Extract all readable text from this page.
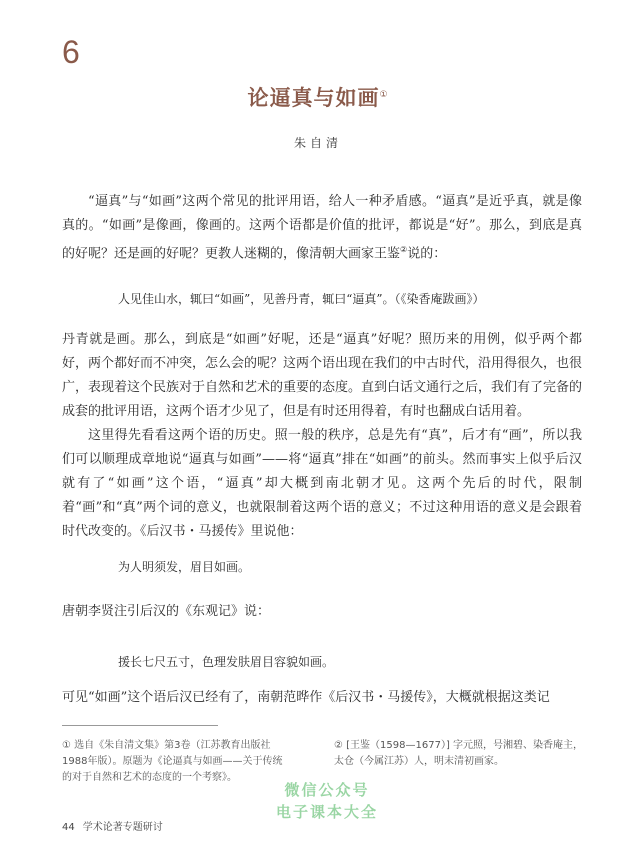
6
论逼真与如画①
朱自清

“逼真”与“如画”这两个常见的批评用语，给人一种矛盾感。“逼真”是近乎真，就是像真的。“如画”是像画，像画的。这两个语都是价值的批评，都说是“好”。那么，到底是真的好呢？还是画的好呢？更教人迷糊的，像清朝大画家王鉴②说的：

人见佳山水，辄曰“如画”，见善丹青，辄曰“逼真”。（《染香庵跋画》）

丹青就是画。那么，到底是“如画”好呢，还是“逼真”好呢？照历来的用例，似乎两个都好，两个都好而不冲突，怎么会的呢？这两个语出现在我们的中古时代，沿用得很久，也很广，表现着这个民族对于自然和艺术的重要的态度。直到白话文通行之后，我们有了完备的成套的批评用语，这两个语才少见了，但是有时还用得着，有时也翻成白话用着。

这里得先看看这两个语的历史。照一般的秩序，总是先有“真”，后才有“画”，所以我们可以顺理成章地说“逼真与如画”——将“逼真”排在“如画”的前头。然而事实上似乎后汉就有了“如画”这个语，“逼真”却大概到南北朝才见。这两个先后的时代，限制着“画”和“真”两个词的意义，也就限制着这两个语的意义；不过这种用语的意义是会跟着时代改变的。《后汉书・马援传》里说他：

为人明须发，眉目如画。

唐朝李贤注引后汉的《东观记》说：

援长七尺五寸，色理发肤眉目容貌如画。

可见“如画”这个语后汉已经有了，南朝范晔作《后汉书・马援传》，大概就根据这类记

① 选自《朱自清文集》第3卷（江苏教育出版社1988年版）。原题为《论逼真与如画——关于传统的对于自然和艺术的态度的一个考察》。

② [王鉴（1598—1677）] 字元照，号湘碧、染香庵主，太仓（今属江苏）人，明末清初画家。

44 学术论著专题研讨
微信公众号
电子课本大全
